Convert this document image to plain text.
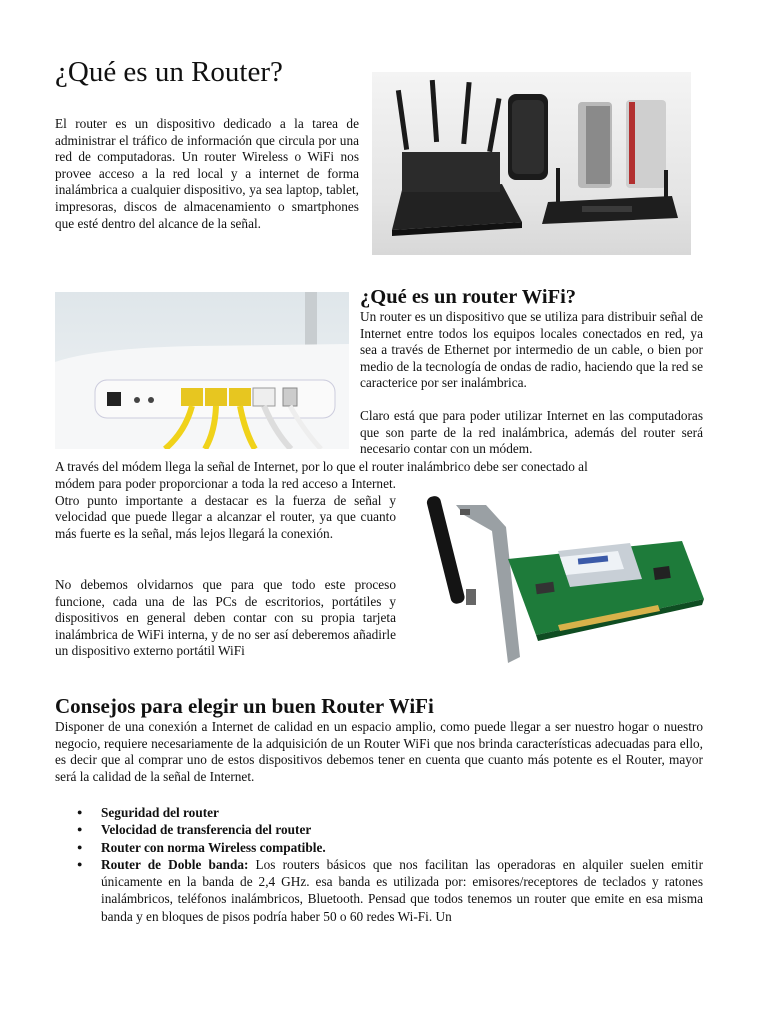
¿Qué es un Router?

El router es un dispositivo dedicado a la tarea de administrar el tráfico de información que circula por una red de computadoras. Un router Wireless o WiFi nos provee acceso a la red local y a internet de forma inalámbrica a cualquier dispositivo, ya sea laptop, tablet, impresoras, discos de almacenamiento o smartphones que esté dentro del alcance de la señal.

¿Qué es un router WiFi?

Un router es un dispositivo que se utiliza para distribuir señal de Internet entre todos los equipos locales conectados en red, ya sea a través de Ethernet por intermedio de un cable, o bien por medio de la tecnología de ondas de radio, haciendo que la red se caracterice por ser inalámbrica.

Claro está que para poder utilizar Internet en las computadoras que son parte de la red inalámbrica, además del router será necesario contar con un módem.

A través del módem llega la señal de Internet, por lo que el router inalámbrico debe ser conectado al

módem para poder proporcionar a toda la red acceso a Internet. Otro punto importante a destacar es la fuerza de señal y velocidad que puede llegar a alcanzar el router, ya que cuanto más fuerte es la señal, más lejos llegará la conexión.

No debemos olvidarnos que para que todo este proceso funcione, cada una de las PCs de escritorios, portátiles y dispositivos en general deben contar con su propia tarjeta inalámbrica de WiFi interna, y de no ser así deberemos añadirle un dispositivo externo portátil WiFi

Consejos para elegir un buen Router WiFi

Disponer de una conexión a Internet de calidad en un espacio amplio, como puede llegar a ser nuestro hogar o nuestro negocio, requiere necesariamente de la adquisición de un Router WiFi que nos brinda características adecuadas para ello, es decir que al comprar uno de estos dispositivos debemos tener en cuenta que cuanto más potente es el Router, mayor será la calidad de la señal de Internet.

● Seguridad del router
● Velocidad de transferencia del router
● Router con norma Wireless compatible.
● Router de Doble banda: Los routers básicos que nos facilitan las operadoras en alquiler suelen emitir únicamente en la banda de 2,4 GHz. esa banda es utilizada por: emisores/receptores de teclados y ratones inalámbricos, teléfonos inalámbricos, Bluetooth. Pensad que todos tenemos un router que emite en esa misma banda y en bloques de pisos podría haber 50 o 60 redes Wi-Fi. Un
